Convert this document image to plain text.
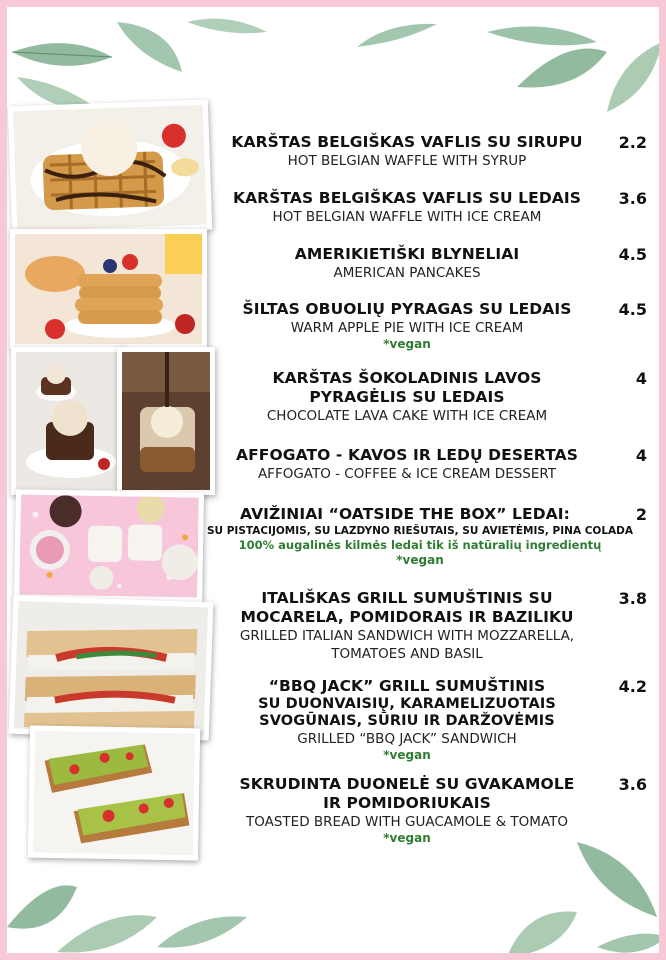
KARŠTAS BELGIŠKAS VAFLIS SU SIRUPU
HOT BELGIAN WAFFLE WITH SYRUP
2.2
KARŠTAS BELGIŠKAS VAFLIS SU LEDAIS
HOT BELGIAN WAFFLE WITH ICE CREAM
3.6
AMERIKIETIŠKI BLYNELIAI
AMERICAN PANCAKES
4.5
ŠILTAS OBUOLIŲ PYRAGAS SU LEDAIS
WARM APPLE PIE WITH ICE CREAM
4.5
*vegan
KARŠTAS ŠOKOLADINIS LAVOS
PYRAGĖLIS SU LEDAIS
CHOCOLATE LAVA CAKE WITH ICE CREAM
4
AFFOGATO - KAVOS IR LEDŲ DESERTAS
AFFOGATO - COFFEE & ICE CREAM DESSERT
4
AVIŽINIAI “OATSIDE THE BOX” LEDAI:	2
SU PISTACIJOMIS, SU LAZDYNO RIEŠUTAIS, SU AVIETĖMIS, PINA COLADA
100% augalinės kilmės ledai tik iš natūralių ingredientų
*vegan
ITALIŠKAS GRILL SUMUŠTINIS SU
MOCARELA, POMIDORAIS IR BAZILIKU
GRILLED ITALIAN SANDWICH WITH MOZZARELLA,
TOMATOES AND BASIL
3.8
“BBQ JACK” GRILL SUMUŠTINIS
SU DUONVAISIŲ, KARAMELIZUOTAIS
SVOGŪNAIS, SŪRIU IR DARŽOVĖMIS
GRILLED “BBQ JACK” SANDWICH
4.2
*vegan
SKRUDINTA DUONELĖ SU GVAKAMOLE
IR POMIDORIUKAIS
TOASTED BREAD WITH GUACAMOLE & TOMATO
3.6
*vegan
